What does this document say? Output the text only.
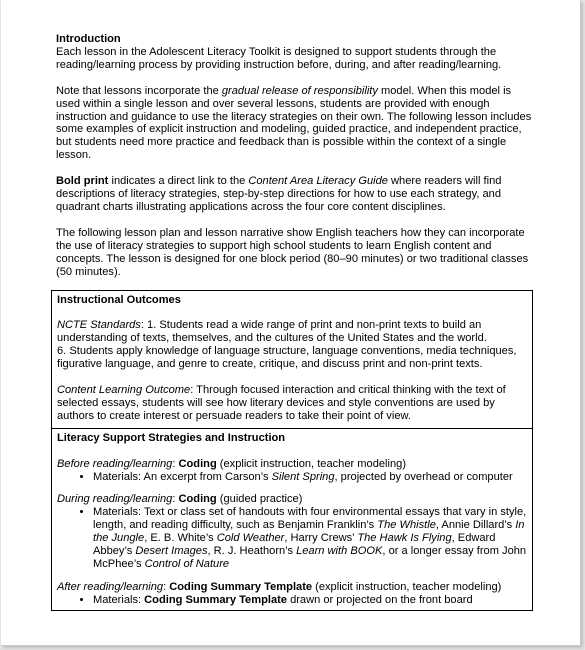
Introduction

Each lesson in the Adolescent Literacy Toolkit is designed to support students through the reading/learning process by providing instruction before, during, and after reading/learning.

Note that lessons incorporate the gradual release of responsibility model. When this model is used within a single lesson and over several lessons, students are provided with enough instruction and guidance to use the literacy strategies on their own. The following lesson includes some examples of explicit instruction and modeling, guided practice, and independent practice, but students need more practice and feedback than is possible within the context of a single lesson.

Bold print indicates a direct link to the Content Area Literacy Guide where readers will find descriptions of literacy strategies, step-by-step directions for how to use each strategy, and quadrant charts illustrating applications across the four core content disciplines.

The following lesson plan and lesson narrative show English teachers how they can incorporate the use of literacy strategies to support high school students to learn English content and concepts. The lesson is designed for one block period (80–90 minutes) or two traditional classes (50 minutes).

Instructional Outcomes

NCTE Standards: 1. Students read a wide range of print and non-print texts to build an understanding of texts, themselves, and the cultures of the United States and the world.
6. Students apply knowledge of language structure, language conventions, media techniques, figurative language, and genre to create, critique, and discuss print and non-print texts.

Content Learning Outcome: Through focused interaction and critical thinking with the text of selected essays, students will see how literary devices and style conventions are used by authors to create interest or persuade readers to take their point of view.

Literacy Support Strategies and Instruction

Before reading/learning: Coding (explicit instruction, teacher modeling)
• Materials: An excerpt from Carson’s Silent Spring, projected by overhead or computer
During reading/learning: Coding (guided practice)
• Materials: Text or class set of handouts with four environmental essays that vary in style, length, and reading difficulty, such as Benjamin Franklin’s The Whistle, Annie Dillard’s In the Jungle, E. B. White’s Cold Weather, Harry Crews’ The Hawk Is Flying, Edward Abbey’s Desert Images, R. J. Heathorn’s Learn with BOOK, or a longer essay from John McPhee’s Control of Nature
After reading/learning: Coding Summary Template (explicit instruction, teacher modeling)
• Materials: Coding Summary Template drawn or projected on the front board
